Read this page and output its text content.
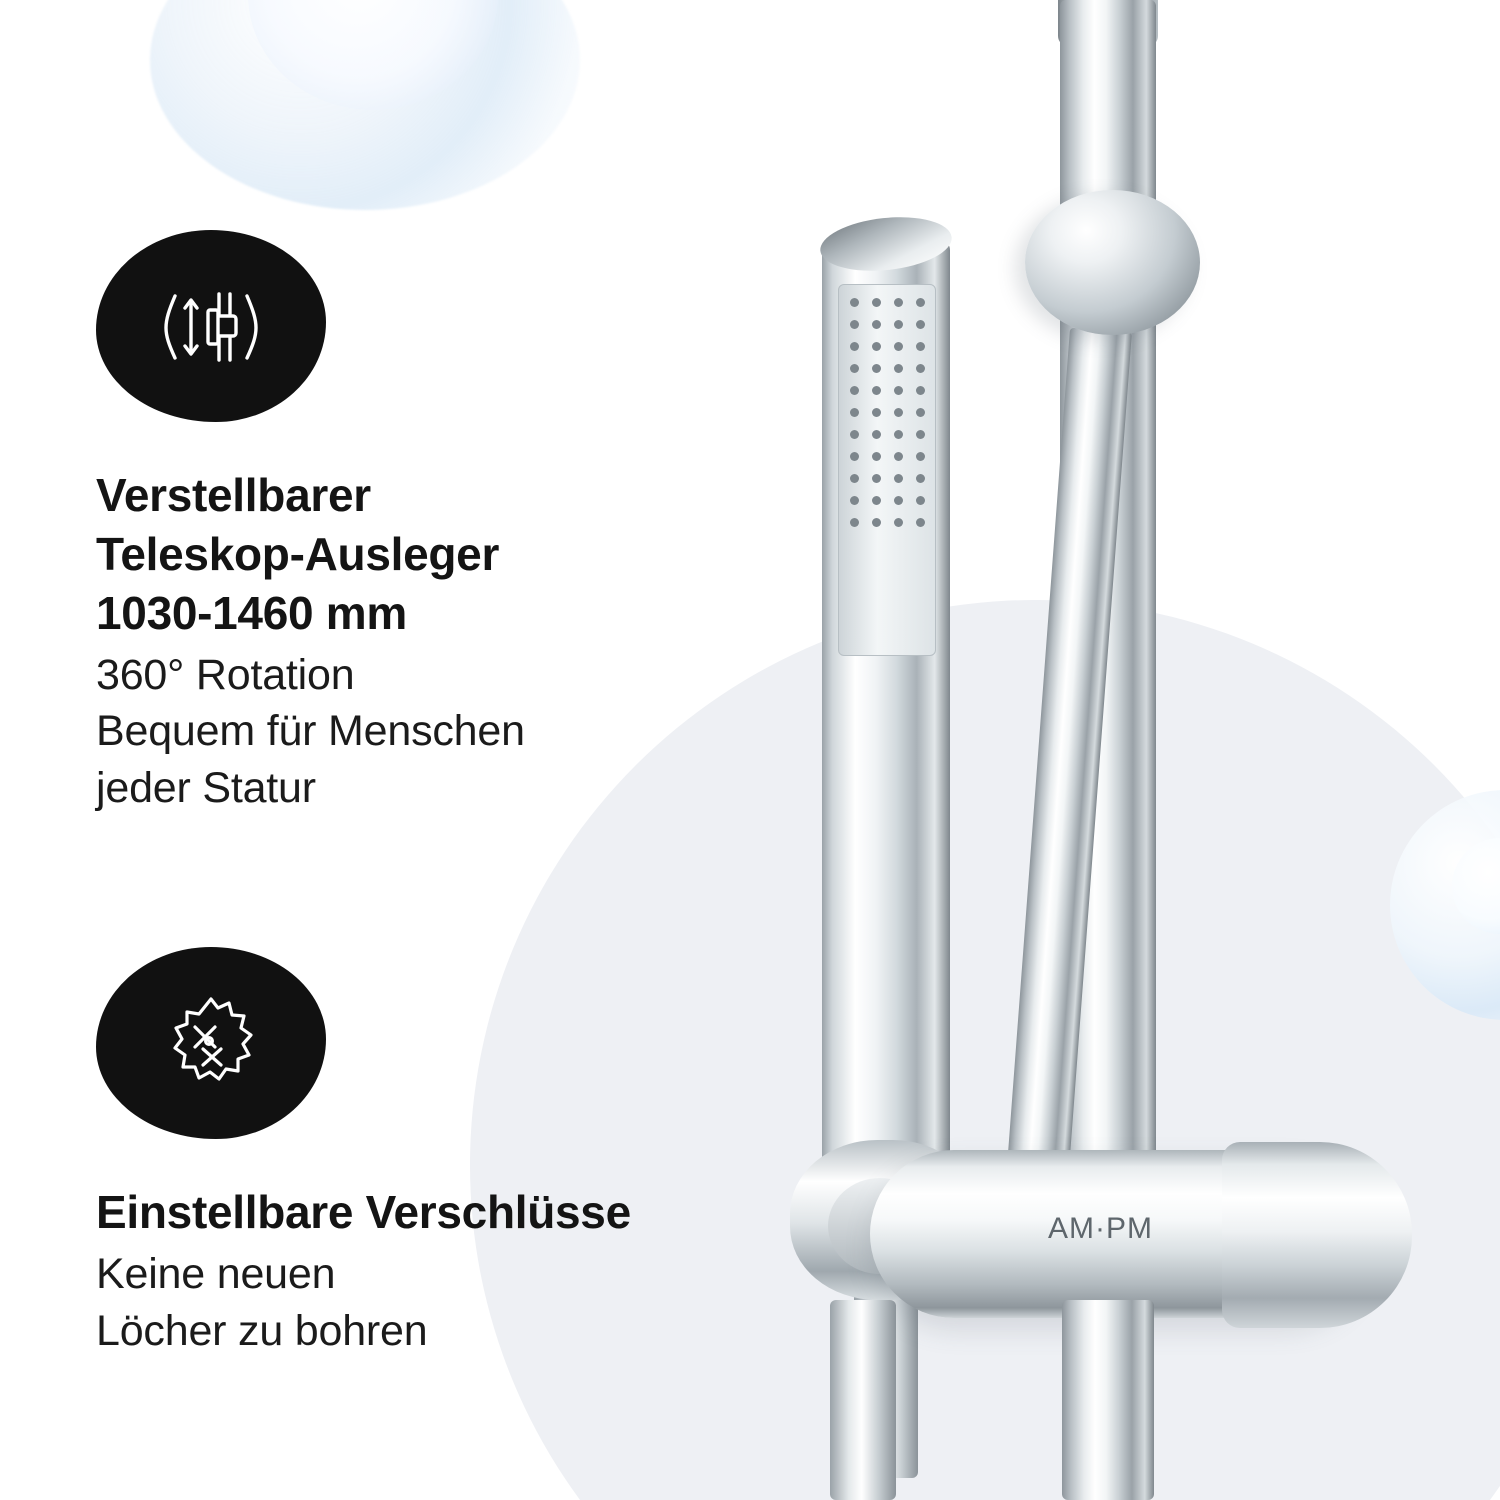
AM·PM
Verstellbarer
Teleskop-Ausleger
1030-1460 mm
360° Rotation
Bequem für Menschen
jeder Statur
Einstellbare Verschlüsse
Keine neuen
Löcher zu bohren
